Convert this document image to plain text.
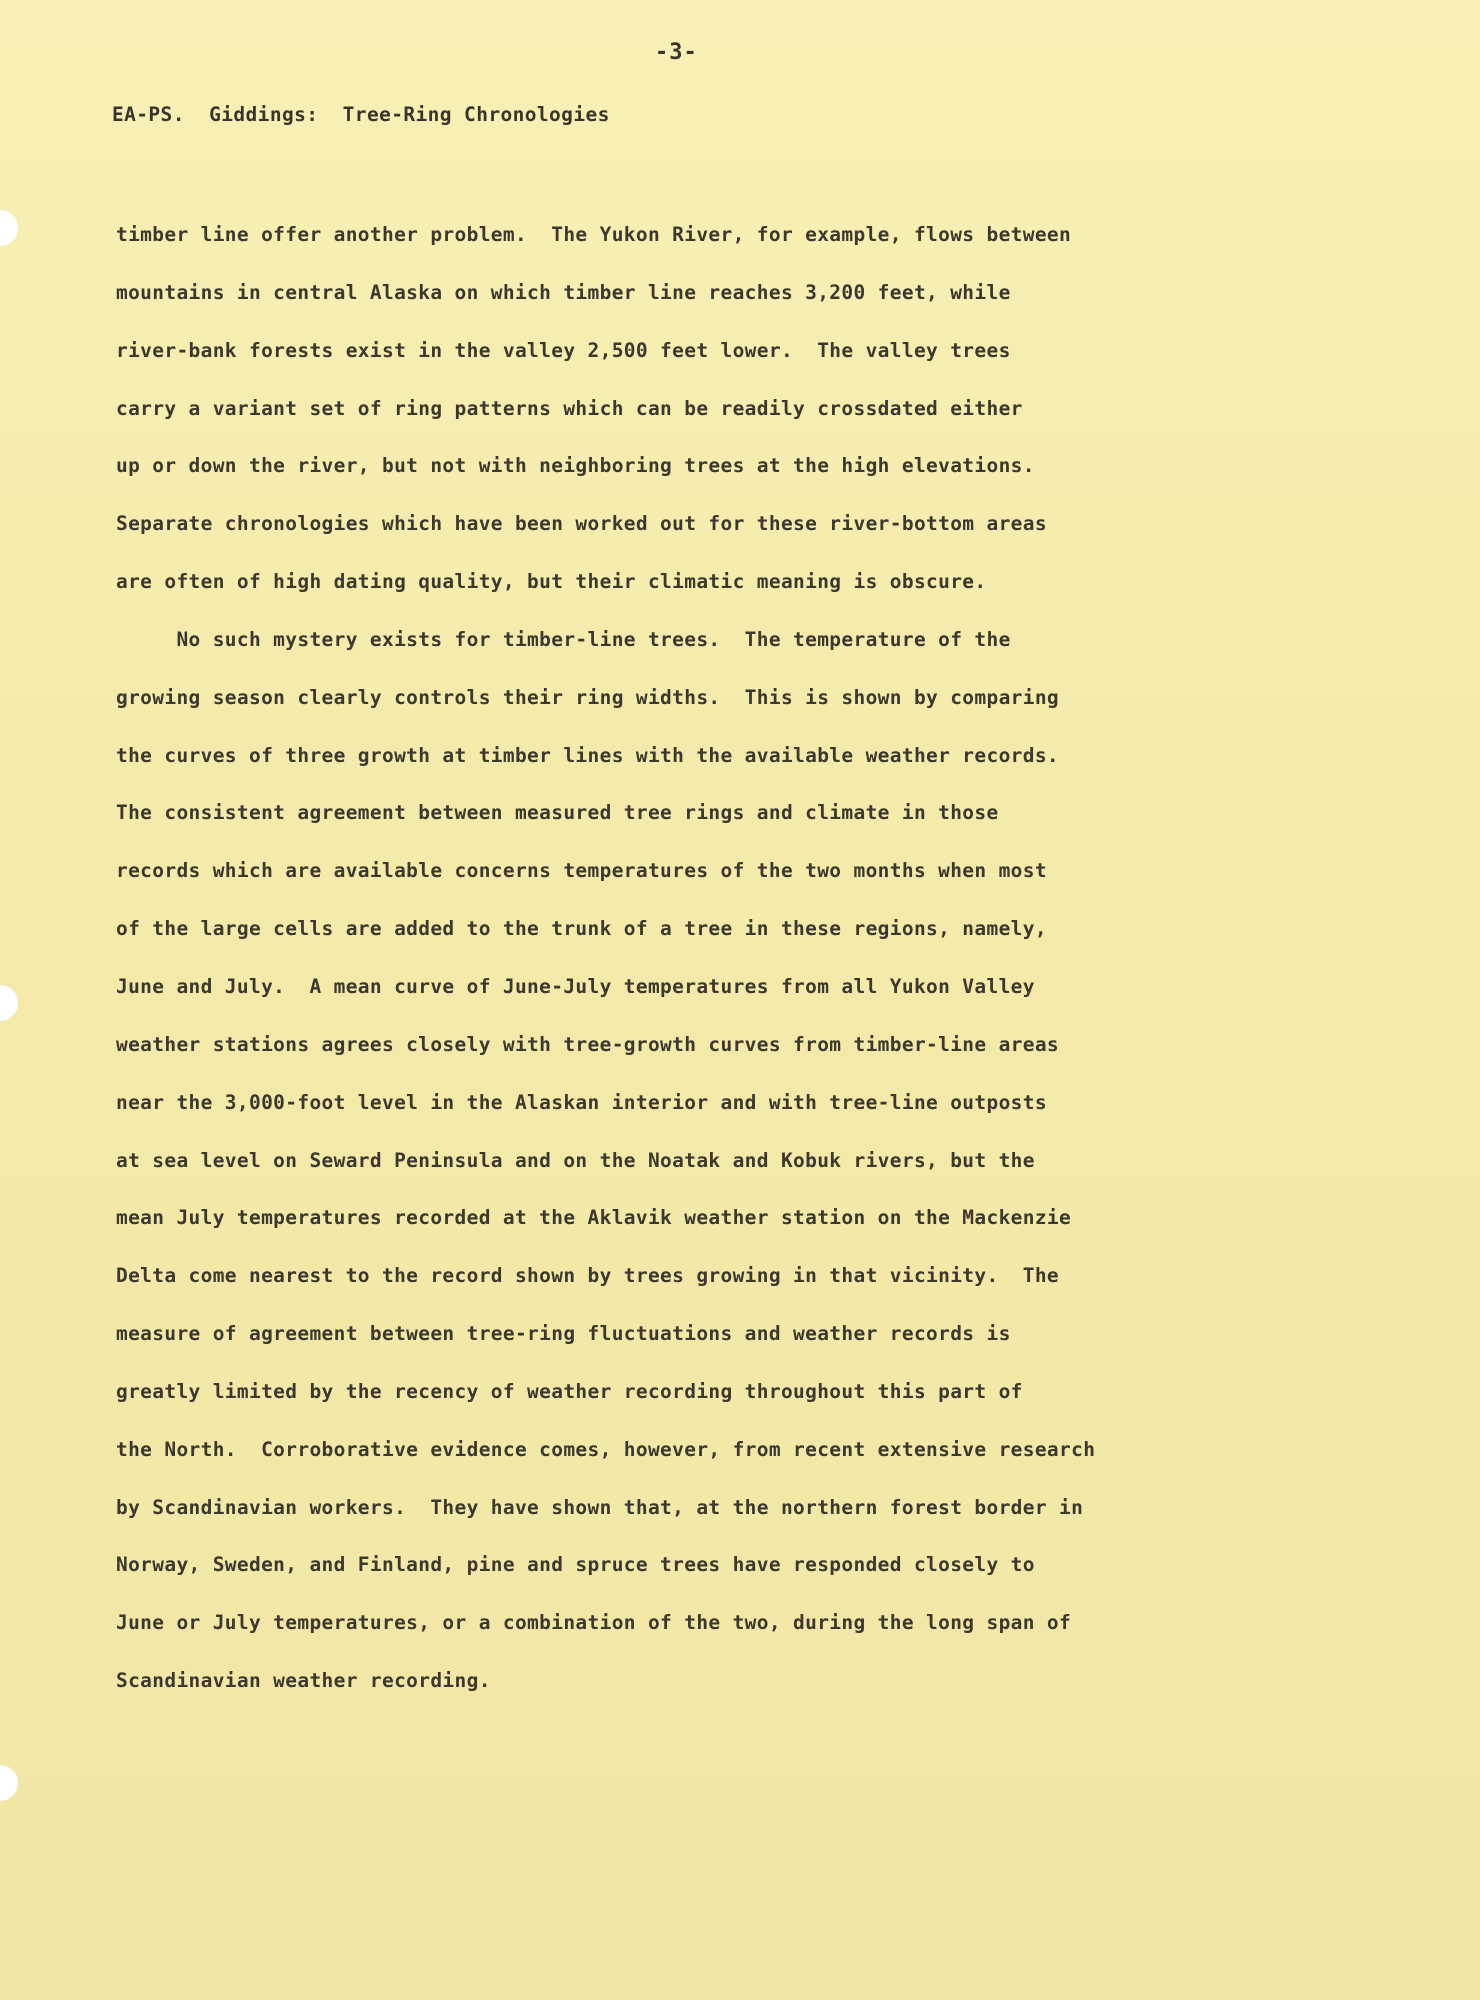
-3-
EA-PS.  Giddings:  Tree-Ring Chronologies
timber line offer another problem.  The Yukon River, for example, flows between
mountains in central Alaska on which timber line reaches 3,200 feet, while
river-bank forests exist in the valley 2,500 feet lower.  The valley trees
carry a variant set of ring patterns which can be readily crossdated either
up or down the river, but not with neighboring trees at the high elevations.
Separate chronologies which have been worked out for these river-bottom areas
are often of high dating quality, but their climatic meaning is obscure.
No such mystery exists for timber-line trees.  The temperature of the
growing season clearly controls their ring widths.  This is shown by comparing
the curves of three growth at timber lines with the available weather records.
The consistent agreement between measured tree rings and climate in those
records which are available concerns temperatures of the two months when most
of the large cells are added to the trunk of a tree in these regions, namely,
June and July.  A mean curve of June-July temperatures from all Yukon Valley
weather stations agrees closely with tree-growth curves from timber-line areas
near the 3,000-foot level in the Alaskan interior and with tree-line outposts
at sea level on Seward Peninsula and on the Noatak and Kobuk rivers, but the
mean July temperatures recorded at the Aklavik weather station on the Mackenzie
Delta come nearest to the record shown by trees growing in that vicinity.  The
measure of agreement between tree-ring fluctuations and weather records is
greatly limited by the recency of weather recording throughout this part of
the North.  Corroborative evidence comes, however, from recent extensive research
by Scandinavian workers.  They have shown that, at the northern forest border in
Norway, Sweden, and Finland, pine and spruce trees have responded closely to
June or July temperatures, or a combination of the two, during the long span of
Scandinavian weather recording.
